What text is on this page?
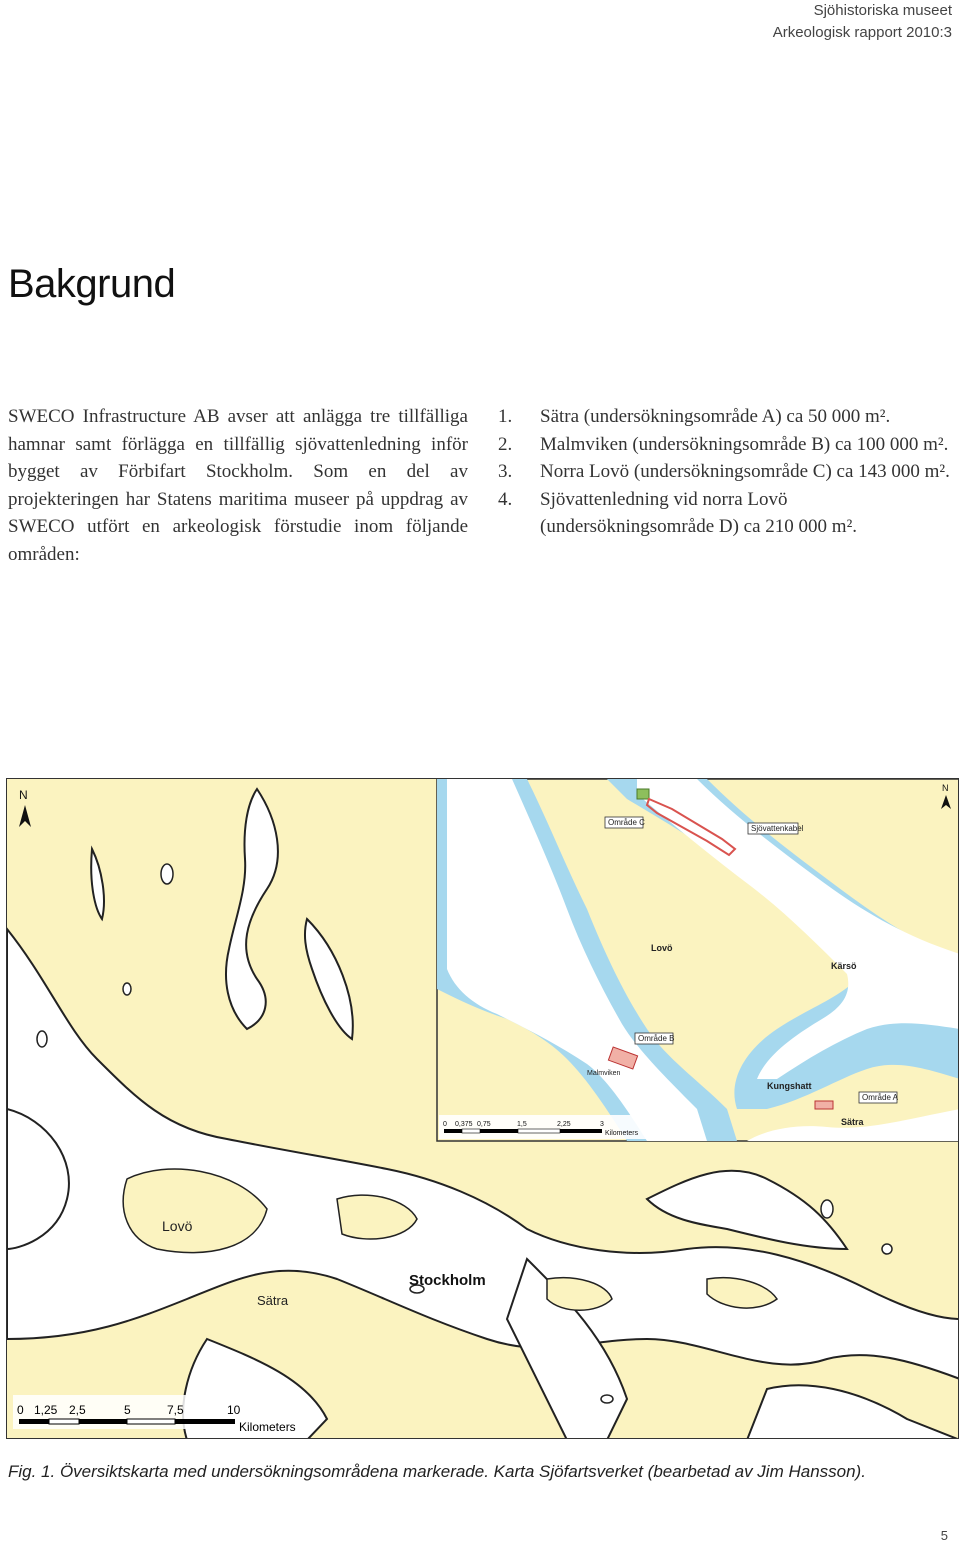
Sjöhistoriska museet
Arkeologisk rapport 2010:3
Bakgrund

SWECO Infrastructure AB avser att anlägga tre tillfälliga hamnar samt förlägga en tillfällig sjövattenledning inför bygget av Förbifart Stockholm. Som en del av projekteringen har Statens maritima museer på uppdrag av SWECO utfört en arkeologisk förstudie inom följande områden:

1. Sätra (undersökningsområde A) ca 50 000 m².
2. Malmviken (undersökningsområde B) ca 100 000 m².
3. Norra Lovö (undersökningsområde C) ca 143 000 m².
4. Sjövattenledning vid norra Lovö (undersökningsområde D) ca 210 000 m².
N
Lovö
Stockholm
Sätra
0 1,25 2,5	5	7,5	10
Kilometers
Område C
Sjövattenkabel
Område B
Område A
Lovö
Kärsö
Malmviken
Kungshatt
Sätra
N
0 0,375 0,75	1,5	2,25	3
Kilometers

Fig. 1. Översiktskarta med undersökningsområdena markerade. Karta Sjöfartsverket (bearbetad av Jim Hansson).

5
